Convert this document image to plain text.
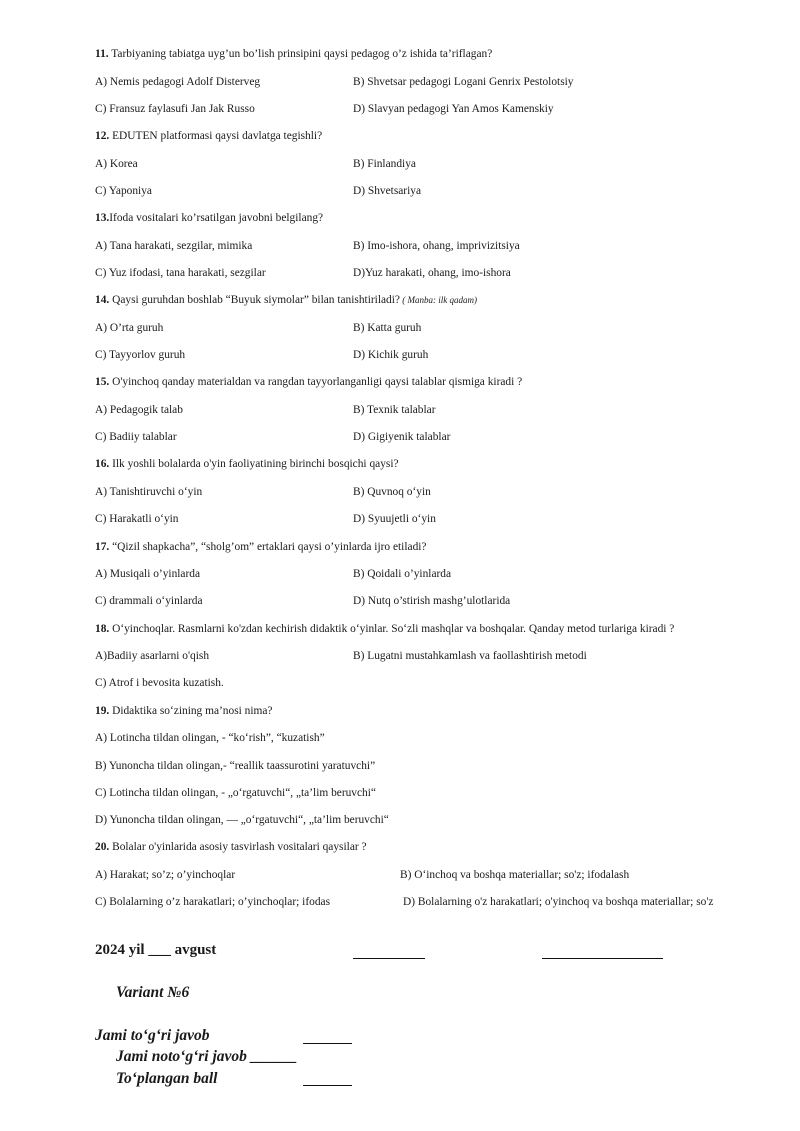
11. Tarbiyaning tabiatga uyg’un bo’lish prinsipini qaysi pedagog o’z ishida ta’riflagan?
A) Nemis pedagogi Adolf Disterveg	B) Shvetsar pedagogi Logani Genrix Pestolotsiy
C) Fransuz faylasufi Jan Jak Russo	D) Slavyan pedagogi Yan Amos Kamenskiy
12. EDUTEN platformasi qaysi davlatga tegishli?
A) Korea	B) Finlandiya
C) Yaponiya	D) Shvetsariya
13.Ifoda vositalari ko’rsatilgan javobni belgilang?
A) Tana harakati, sezgilar, mimika	B) Imo-ishora, ohang, imprivizitsiya
C) Yuz ifodasi, tana harakati, sezgilar	D)Yuz harakati, ohang, imo-ishora
14. Qaysi guruhdan boshlab “Buyuk siymolar” bilan tanishtiriladi? ( Manba: ilk qadam)
A) O’rta guruh	B) Katta guruh
C) Tayyorlov guruh	D) Kichik guruh
15. O'yinchoq qanday materialdan va rangdan tayyorlanganligi qaysi talablar qismiga kiradi ?
A) Pedagogik talab	B) Texnik talablar
C) Badiiy talablar	D) Gigiyenik talablar
16. Ilk yoshli bolalarda o'yin faoliyatining birinchi bosqichi qaysi?
A) Tanishtiruvchi o‘yin	B) Quvnoq o‘yin
C) Harakatli o‘yin	D) Syuujetli o‘yin
17. “Qizil shapkacha”, “sholg’om” ertaklari qaysi o’yinlarda ijro etiladi?
A) Musiqali o’yinlarda	B) Qoidali o’yinlarda
C) drammali o‘yinlarda	D) Nutq o’stirish mashg’ulotlarida
18. O‘yinchoqlar. Rasmlarni ko'zdan kechirish didaktik o‘yinlar. So‘zli mashqlar va boshqalar. Qanday metod turlariga kiradi ?
A)Badiiy asarlarni o'qish	B) Lugatni mustahkamlash va faollashtirish metodi
C) Atrof i bevosita kuzatish.
19. Didaktika so‘zining ma’nosi nima?
A) Lotincha tildan olingan, - “ko‘rish”, “kuzatish”
B) Yunoncha tildan olingan,- “reallik taassurotini yaratuvchi”
C) Lotincha tildan olingan, - „o‘rgatuvchi“, „ta’lim beruvchi“
D) Yunoncha tildan olingan, — „o‘rgatuvchi“, „ta’lim beruvchi“
20. Bolalar o'yinlarida asosiy tasvirlash vositalari qaysilar ?
A) Harakat; so’z; o’yinchoqlar	B) O‘inchoq va boshqa materiallar; so'z; ifodalash
C) Bolalarning o’z harakatlari; o’yinchoqlar; ifodas	D) Bolalarning o'z harakatlari; o'yinchoq va boshqa materiallar; so'z
2024 yil ___ avgust
Variant №6
Jami to‘g‘ri javob
Jami noto‘g‘ri javob ______
To‘plangan ball
